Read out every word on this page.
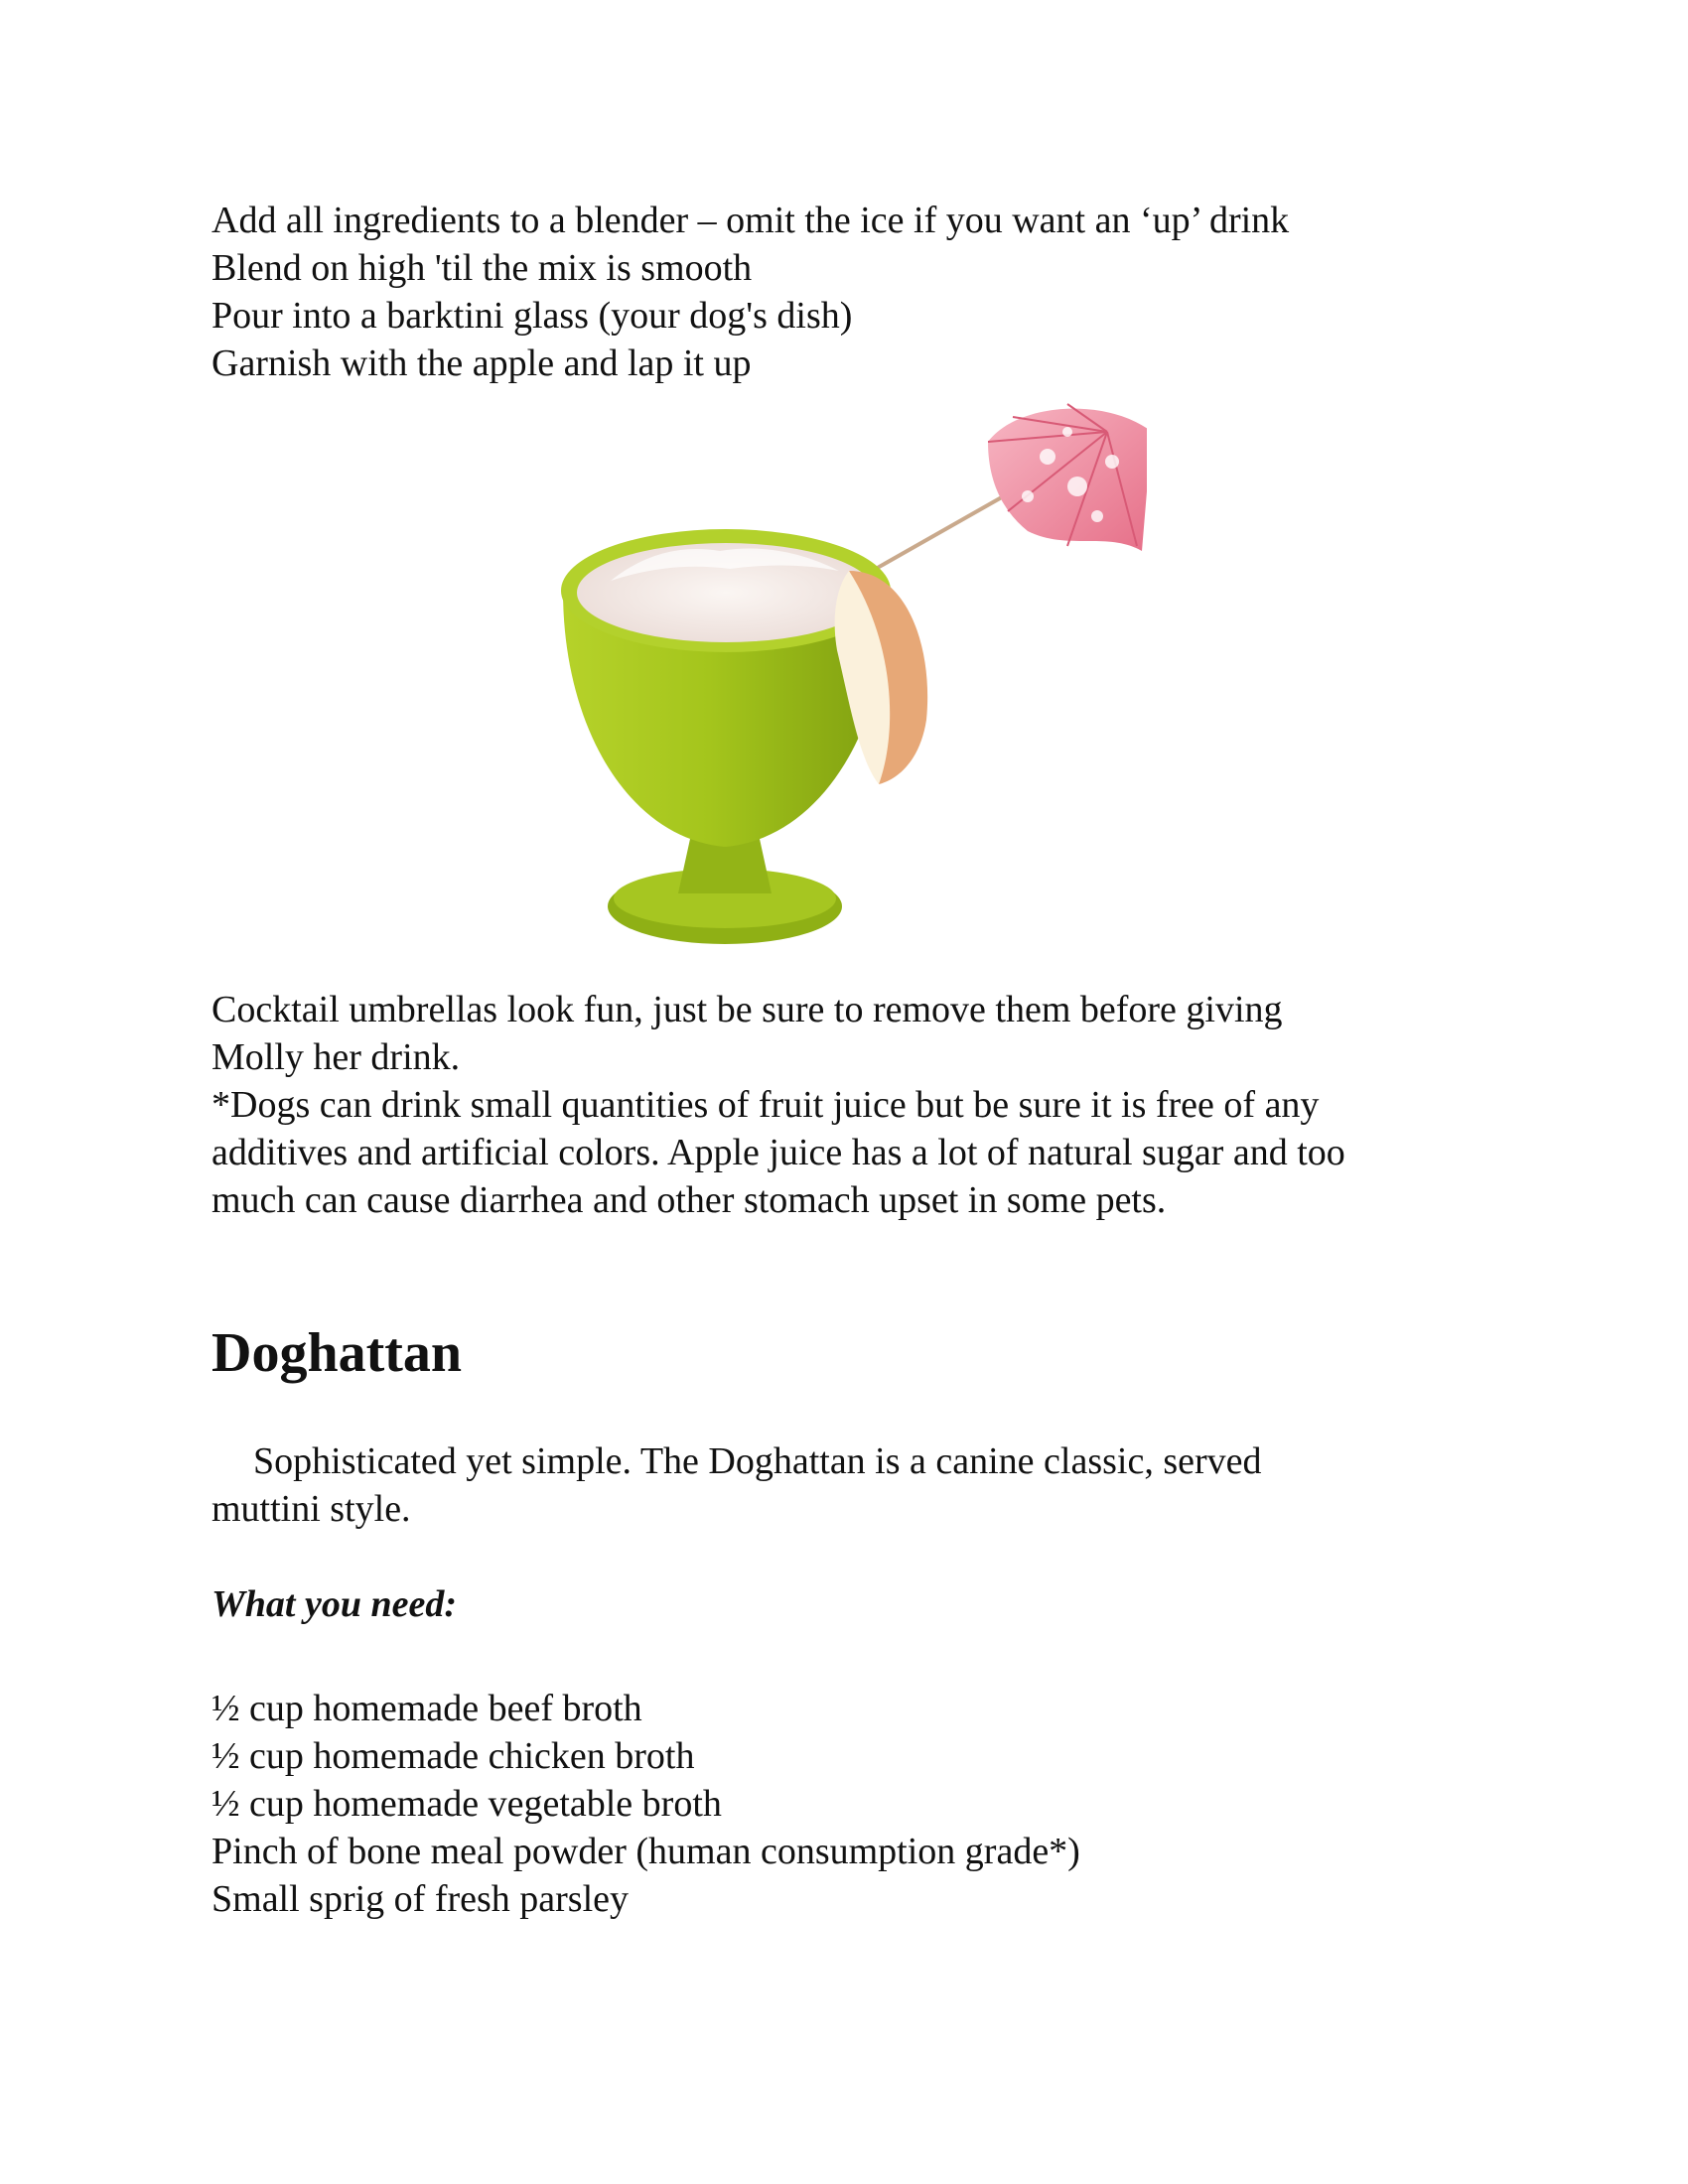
Add all ingredients to a blender – omit the ice if you want an ‘up’ drink
Blend on high 'til the mix is smooth
Pour into a barktini glass (your dog's dish)
Garnish with the apple and lap it up
Cocktail umbrellas look fun, just be sure to remove them before giving
Molly her drink.
*Dogs can drink small quantities of fruit juice but be sure it is free of any
additives and artificial colors. Apple juice has a lot of natural sugar and too
much can cause diarrhea and other stomach upset in some pets.
Doghattan
Sophisticated yet simple. The Doghattan is a canine classic, served
muttini style.
What you need:
½ cup homemade beef broth
½ cup homemade chicken broth
½ cup homemade vegetable broth
Pinch of bone meal powder (human consumption grade*)
Small sprig of fresh parsley
